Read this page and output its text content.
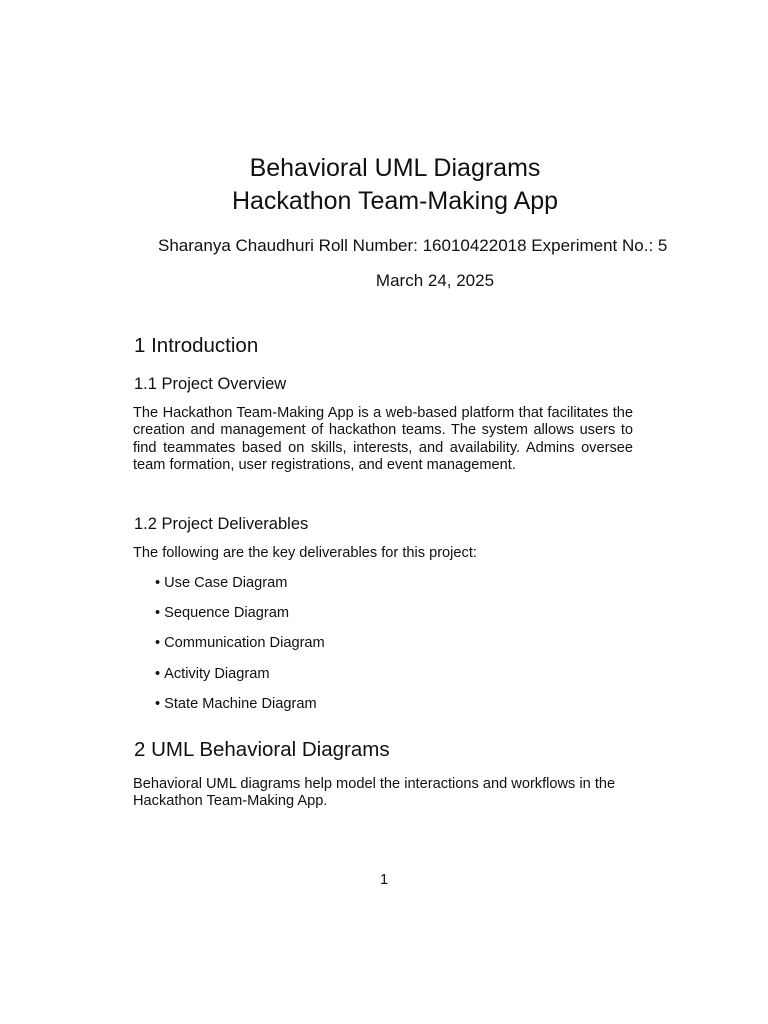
Behavioral UML Diagrams
Hackathon Team-Making App
Sharanya Chaudhuri Roll Number: 16010422018 Experiment No.: 5
March 24, 2025
1 Introduction
1.1 Project Overview

The Hackathon Team-Making App is a web-based platform that facilitates the creation and management of hackathon teams. The system allows users to find teammates based on skills, interests, and availability. Admins oversee team formation, user registrations, and event management.

1.2 Project Deliverables

The following are the key deliverables for this project:

• Use Case Diagram
• Sequence Diagram
• Communication Diagram
• Activity Diagram
• State Machine Diagram
2 UML Behavioral Diagrams

Behavioral UML diagrams help model the interactions and workflows in the Hackathon Team-Making App.

1
